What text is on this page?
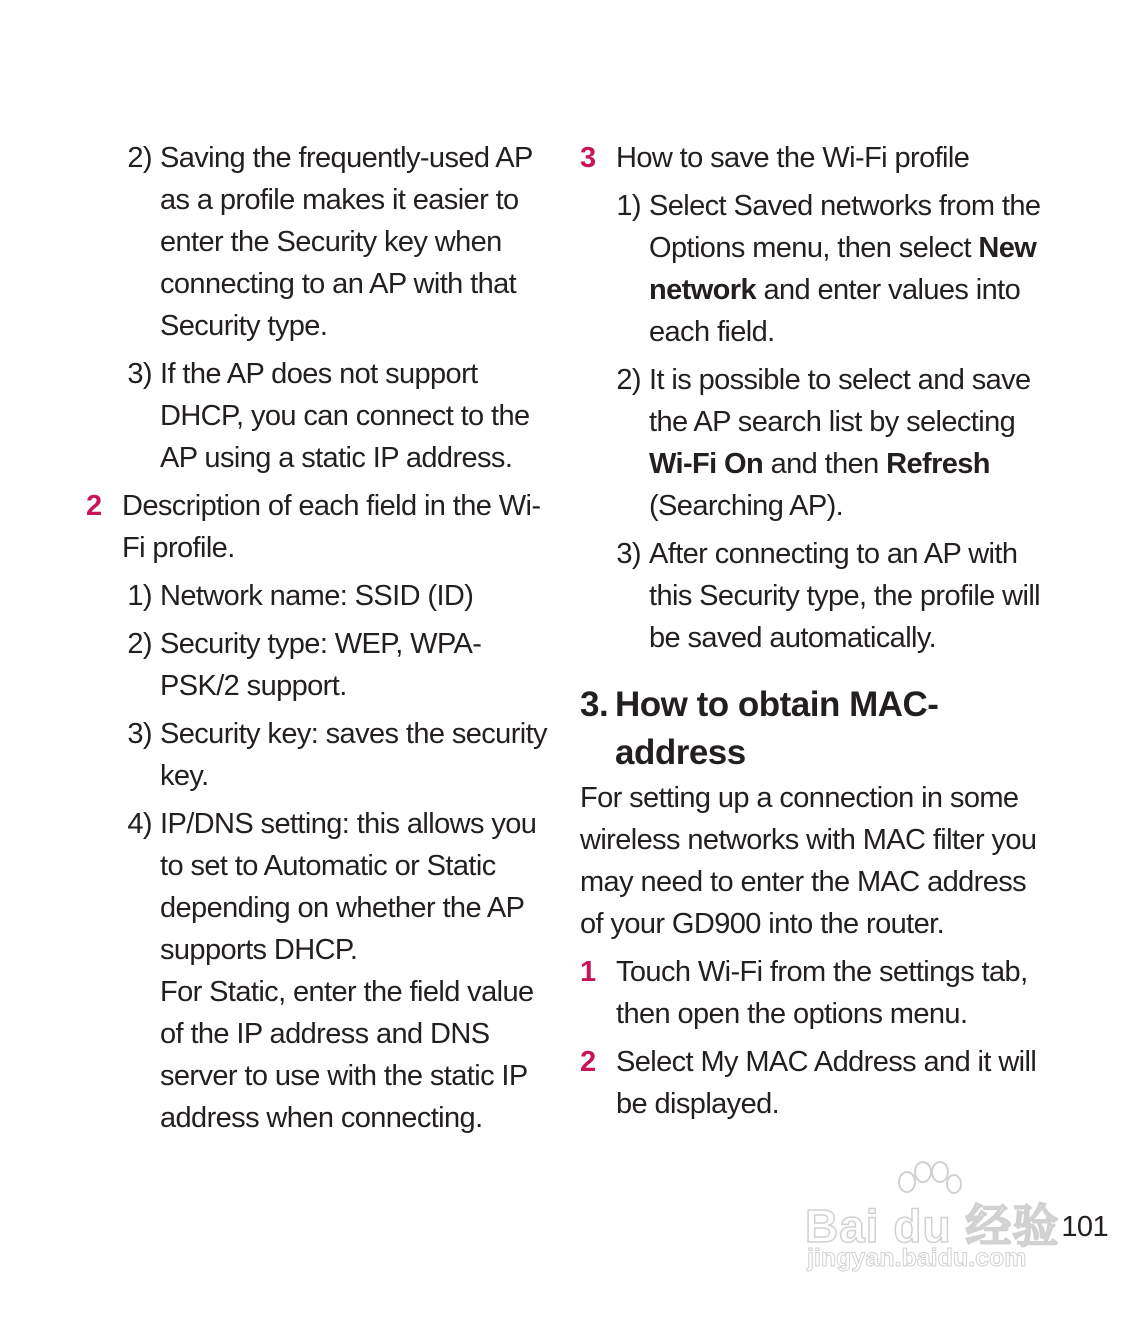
2) Saving the frequently-used AP as a profile makes it easier to enter the Security key when connecting to an AP with that Security type.
3) If the AP does not support DHCP, you can connect to the AP using a static IP address.
2 Description of each field in the Wi-Fi profile.
1) Network name: SSID (ID)
2) Security type: WEP, WPA-PSK/2 support.
3) Security key: saves the security key.
4) IP/DNS setting: this allows you to set to Automatic or Static depending on whether the AP supports DHCP.
For Static, enter the field value of the IP address and DNS server to use with the static IP address when connecting.
3 How to save the Wi-Fi profile
1) Select Saved networks from the Options menu, then select New network and enter values into each field.
2) It is possible to select and save the AP search list by selecting Wi-Fi On and then Refresh (Searching AP).
3) After connecting to an AP with this Security type, the profile will be saved automatically.
3. How to obtain MAC-address
For setting up a connection in some wireless networks with MAC filter you may need to enter the MAC address of your GD900 into the router.
1 Touch Wi-Fi from the settings tab, then open the options menu.
2 Select My MAC Address and it will be displayed.
Bai du 经验
jingyan.baidu.com
101
